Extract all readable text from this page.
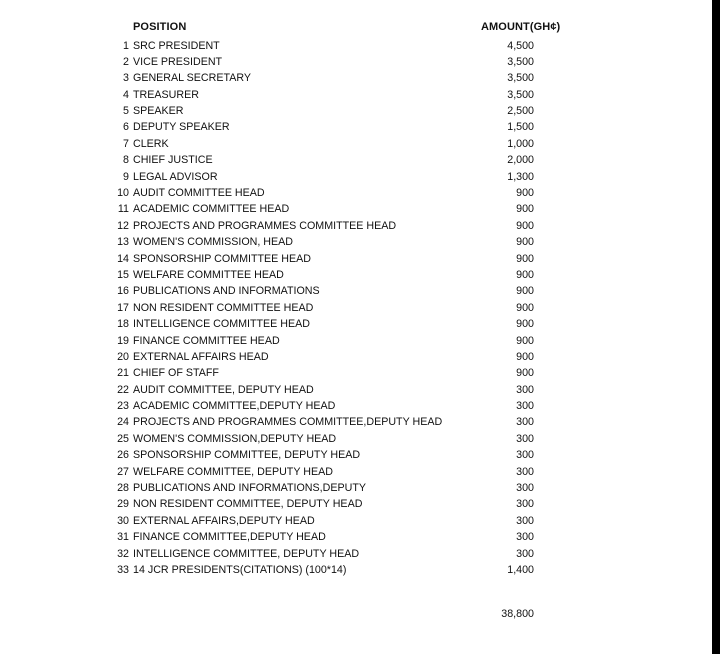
POSITION	AMOUNT(GH¢)
1 SRC PRESIDENT	4,500
2 VICE PRESIDENT	3,500
3 GENERAL SECRETARY	3,500
4 TREASURER	3,500
5 SPEAKER	2,500
6 DEPUTY SPEAKER	1,500
7 CLERK	1,000
8 CHIEF JUSTICE	2,000
9 LEGAL ADVISOR	1,300
10 AUDIT COMMITTEE HEAD	900
11 ACADEMIC COMMITTEE HEAD	900
12 PROJECTS AND PROGRAMMES COMMITTEE HEAD	900
13 WOMEN'S COMMISSION, HEAD	900
14 SPONSORSHIP COMMITTEE HEAD	900
15 WELFARE COMMITTEE HEAD	900
16 PUBLICATIONS AND INFORMATIONS	900
17 NON RESIDENT COMMITTEE HEAD	900
18 INTELLIGENCE COMMITTEE HEAD	900
19 FINANCE COMMITTEE HEAD	900
20 EXTERNAL AFFAIRS HEAD	900
21 CHIEF OF STAFF	900
22 AUDIT COMMITTEE, DEPUTY HEAD	300
23 ACADEMIC COMMITTEE,DEPUTY HEAD	300
24 PROJECTS AND PROGRAMMES COMMITTEE,DEPUTY HEAD	300
25 WOMEN'S COMMISSION,DEPUTY HEAD	300
26 SPONSORSHIP COMMITTEE, DEPUTY HEAD	300
27 WELFARE COMMITTEE, DEPUTY HEAD	300
28 PUBLICATIONS AND INFORMATIONS,DEPUTY	300
29 NON RESIDENT COMMITTEE, DEPUTY HEAD	300
30 EXTERNAL AFFAIRS,DEPUTY HEAD	300
31 FINANCE COMMITTEE,DEPUTY HEAD	300
32 INTELLIGENCE COMMITTEE, DEPUTY HEAD	300
33 14 JCR PRESIDENTS(CITATIONS) (100*14)	1,400
38,800
